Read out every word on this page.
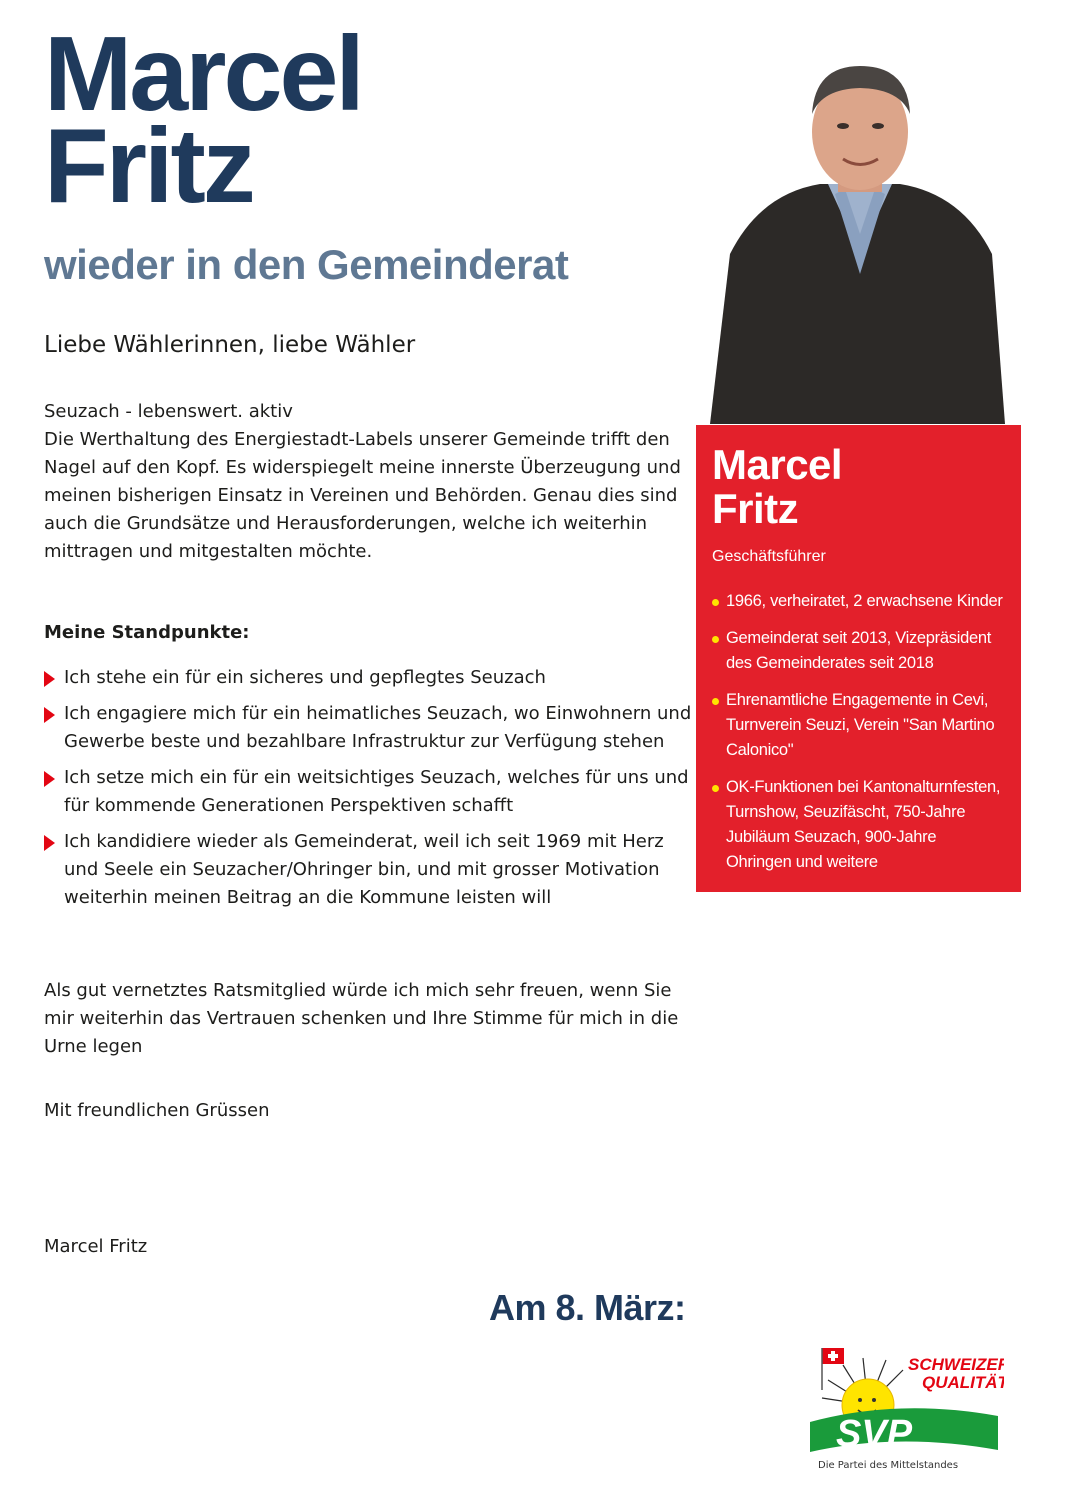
Marcel
Fritz
wieder in den Gemeinderat
Liebe Wählerinnen, liebe Wähler

Seuzach - lebenswert. aktiv

Die Werthaltung des Energiestadt-Labels unserer Gemeinde trifft den Nagel auf den Kopf. Es widerspiegelt meine innerste Überzeugung und meinen bisherigen Einsatz in Vereinen und Behörden. Genau dies sind auch die Grundsätze und Herausforderungen, welche ich weiterhin mittragen und mitgestalten möchte.

Meine Standpunkte:
Ich stehe ein für ein sicheres und gepflegtes Seuzach
Ich engagiere mich für ein heimatliches Seuzach, wo Einwohnern und Gewerbe beste und bezahlbare Infrastruktur zur Verfügung stehen
Ich setze mich ein für ein weitsichtiges Seuzach, welches für uns und für kommende Generationen Perspektiven schafft
Ich kandidiere wieder als Gemeinderat, weil ich seit 1969 mit Herz und Seele ein Seuzacher/Ohringer bin, und mit grosser Motivation weiterhin meinen Beitrag an die Kommune leisten will
Als gut vernetztes Ratsmitglied würde ich mich sehr freuen, wenn Sie mir weiterhin das Vertrauen schenken und Ihre Stimme für mich in die Urne legen
Mit freundlichen Grüssen
Marcel Fritz
Am 8. März:
Marcel
Fritz
Geschäftsführer
1966, verheiratet, 2 erwachsene Kinder
Gemeinderat seit 2013, Vizepräsident des Gemeinderates seit 2018
Ehrenamtliche Engagemente in Cevi, Turnverein Seuzi, Verein "San Martino Calonico"
OK-Funktionen bei Kantonalturnfesten, Turnshow, Seuzifäscht, 750-Jahre Jubiläum Seuzach, 900-Jahre Ohringen und weitere
SCHWEIZER
QUALITÄT
SVP
Die Partei des Mittelstandes
